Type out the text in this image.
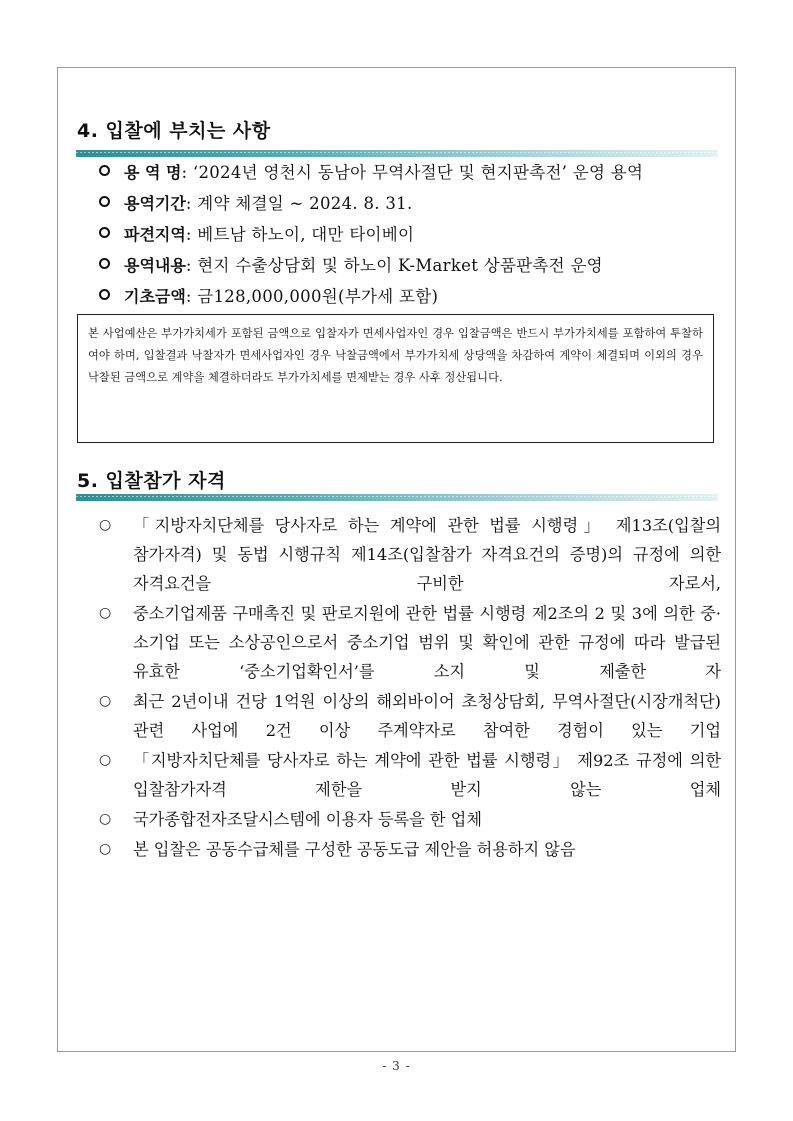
4. 입찰에 부치는 사항
용 역 명: ‘2024년 영천시 동남아 무역사절단 및 현지판촉전’ 운영 용역
용역기간: 계약 체결일 ~ 2024. 8. 31.
파견지역: 베트남 하노이, 대만 타이베이
용역내용: 현지 수출상담회 및 하노이 K-Market 상품판촉전 운영
기초금액: 금128,000,000원(부가세 포함)
본 사업예산은 부가가치세가 포함된 금액으로 입찰자가 면세사업자인 경우 입찰금액은 반드시 부가가치세를 포함하여 투찰하여야 하며, 입찰결과 낙찰자가 면세사업자인 경우 낙찰금액에서 부가가치세 상당액을 차감하여 계약이 체결되며 이외의 경우 낙찰된 금액으로 계약을 체결하더라도 부가가치세를 면제받는 경우 사후 정산됩니다.
5. 입찰참가 자격
○ 「지방자치단체를 당사자로 하는 계약에 관한 법률 시행령」 제13조(입찰의 참가자격) 및 동법 시행규칙 제14조(입찰참가 자격요건의 증명)의 규정에 의한 자격요건을 구비한 자로서,
○ 중소기업제품 구매촉진 및 판로지원에 관한 법률 시행령 제2조의 2 및 3에 의한 중·소기업 또는 소상공인으로서 중소기업 범위 및 확인에 관한 규정에 따라 발급된 유효한 ‘중소기업확인서’를 소지 및 제출한 자
○ 최근 2년이내 건당 1억원 이상의 해외바이어 초청상담회, 무역사절단(시장개척단) 관련 사업에 2건 이상 주계약자로 참여한 경험이 있는 기업
○ 「지방자치단체를 당사자로 하는 계약에 관한 법률 시행령」 제92조 규정에 의한 입찰참가자격 제한을 받지 않는 업체
○ 국가종합전자조달시스템에 이용자 등록을 한 업체
○ 본 입찰은 공동수급체를 구성한 공동도급 제안을 허용하지 않음
- 3 -
